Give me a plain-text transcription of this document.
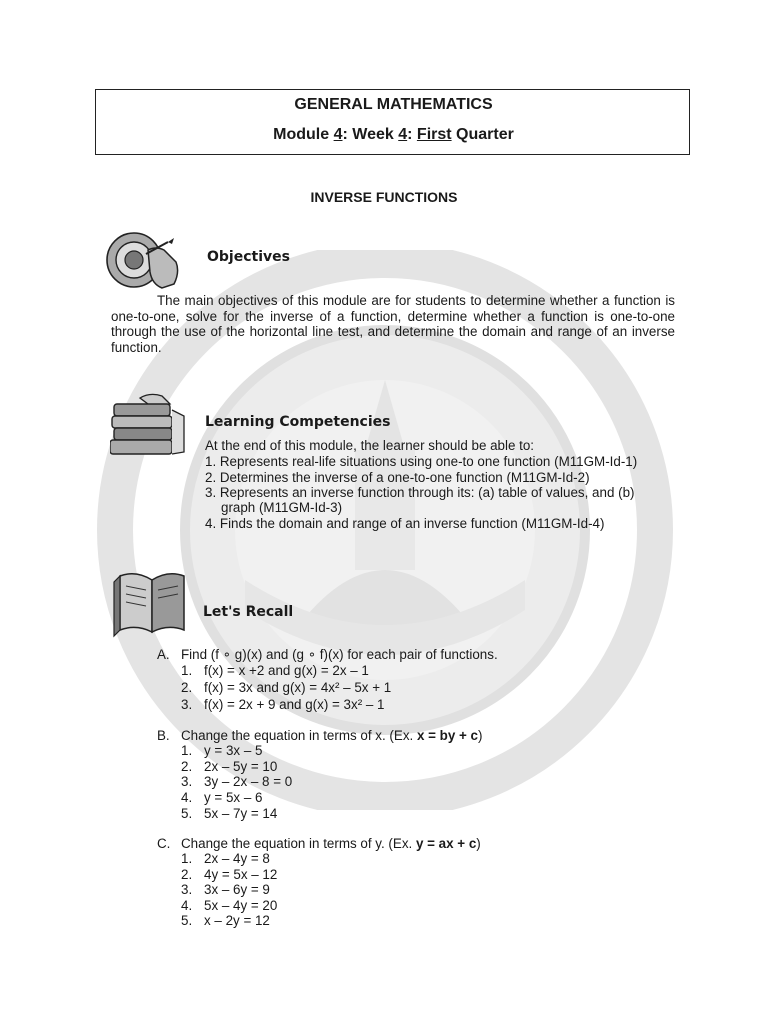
GENERAL MATHEMATICS
Module 4: Week 4: First Quarter
INVERSE FUNCTIONS
Objectives
The main objectives of this module are for students to determine whether a function is one-to-one, solve for the inverse of a function, determine whether a function is one-to-one through the use of the horizontal line test, and determine the domain and range of an inverse function.
Learning Competencies
At the end of this module, the learner should be able to:
1. Represents real-life situations using one-to one function (M11GM-Id-1)
2. Determines the inverse of a one-to-one function (M11GM-Id-2)
3. Represents an inverse function through its: (a) table of values, and (b)
graph (M11GM-Id-3)
4. Finds the domain and range of an inverse function (M11GM-Id-4)
Let's Recall
A. Find (f ∘ g)(x) and (g ∘ f)(x) for each pair of functions.
1. f(x) = x +2 and g(x) = 2x – 1
2. f(x) = 3x and g(x) = 4x² – 5x + 1
3. f(x) = 2x + 9 and g(x) = 3x² – 1
B. Change the equation in terms of x. (Ex. x = by + c)
1. y = 3x – 5
2. 2x – 5y = 10
3. 3y – 2x – 8 = 0
4. y = 5x – 6
5. 5x – 7y = 14
C. Change the equation in terms of y. (Ex. y = ax + c)
1. 2x – 4y = 8
2. 4y = 5x – 12
3. 3x – 6y = 9
4. 5x – 4y = 20
5. x – 2y = 12
